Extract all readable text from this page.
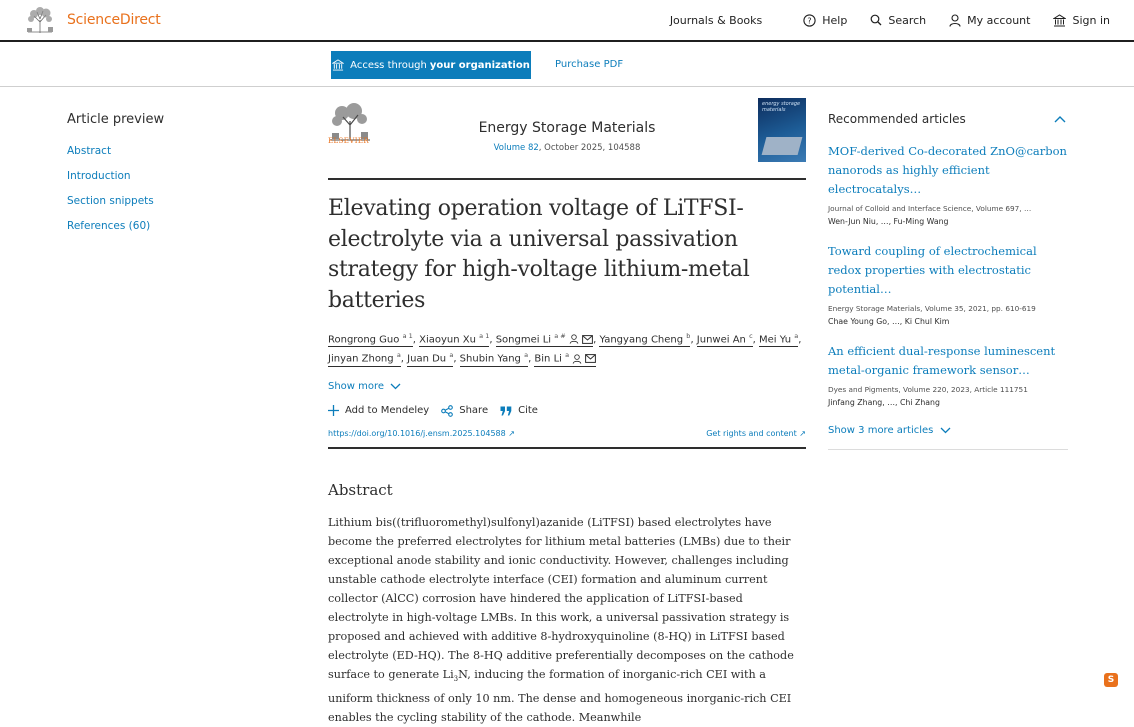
ScienceDirect	Journals & Books	? Help	Search	My account	Sign in
Access through your organization	Purchase PDF
Article preview
Abstract
Introduction
Section snippets
References (60)
ELSEVIER
Energy Storage Materials
Volume 82, October 2025, 104588
energy storage materials
Elevating operation voltage of LiTFSI-electrolyte via a universal passivation strategy for high-voltage lithium-metal batteries
Rongrong Guo $^{a 1}$, Xiaoyun Xu $^{a 1}$, Songmei Li $^{a \#}$	, Yangyang Cheng $^b$, Junwei An $^c$, Mei Yu $^a$, Jinyan Zhong $^a$, Juan Du $^a$, Shubin Yang $^a$, Bin Li $^a$
Show more
Add to Mendeley	Share	Cite
https://doi.org/10.1016/j.ensm.2025.104588 ↗	Get rights and content ↗
Abstract
Lithium bis((trifluoromethyl)sulfonyl)azanide (LiTFSI) based electrolytes have become the preferred electrolytes for lithium metal batteries (LMBs) due to their exceptional anode stability and ionic conductivity. However, challenges including unstable cathode electrolyte interface (CEI) formation and aluminum current collector (AlCC) corrosion have hindered the application of LiTFSI-based electrolyte in high-voltage LMBs. In this work, a universal passivation strategy is proposed and achieved with additive 8-hydroxyquinoline (8-HQ) in LiTFSI based electrolyte (ED-HQ). The 8-HQ additive preferentially decomposes on the cathode surface to generate $Li_3N$, inducing the formation of inorganic-rich CEI with a uniform thickness of only 10 nm. The dense and homogeneous inorganic-rich CEI enables the cycling stability of the cathode. Meanwhile
Recommended articles
MOF-derived Co-decorated ZnO@carbon nanorods as highly efficient electrocatalys…
Journal of Colloid and Interface Science, Volume 697, …
Wen-Jun Niu, …, Fu-Ming Wang
Toward coupling of electrochemical redox properties with electrostatic potential…
Energy Storage Materials, Volume 35, 2021, pp. 610-619
Chae Young Go, …, Ki Chul Kim
An efficient dual-response luminescent metal-organic framework sensor…
Dyes and Pigments, Volume 220, 2023, Article 111751
Jinfang Zhang, …, Chi Zhang
Show 3 more articles
S
